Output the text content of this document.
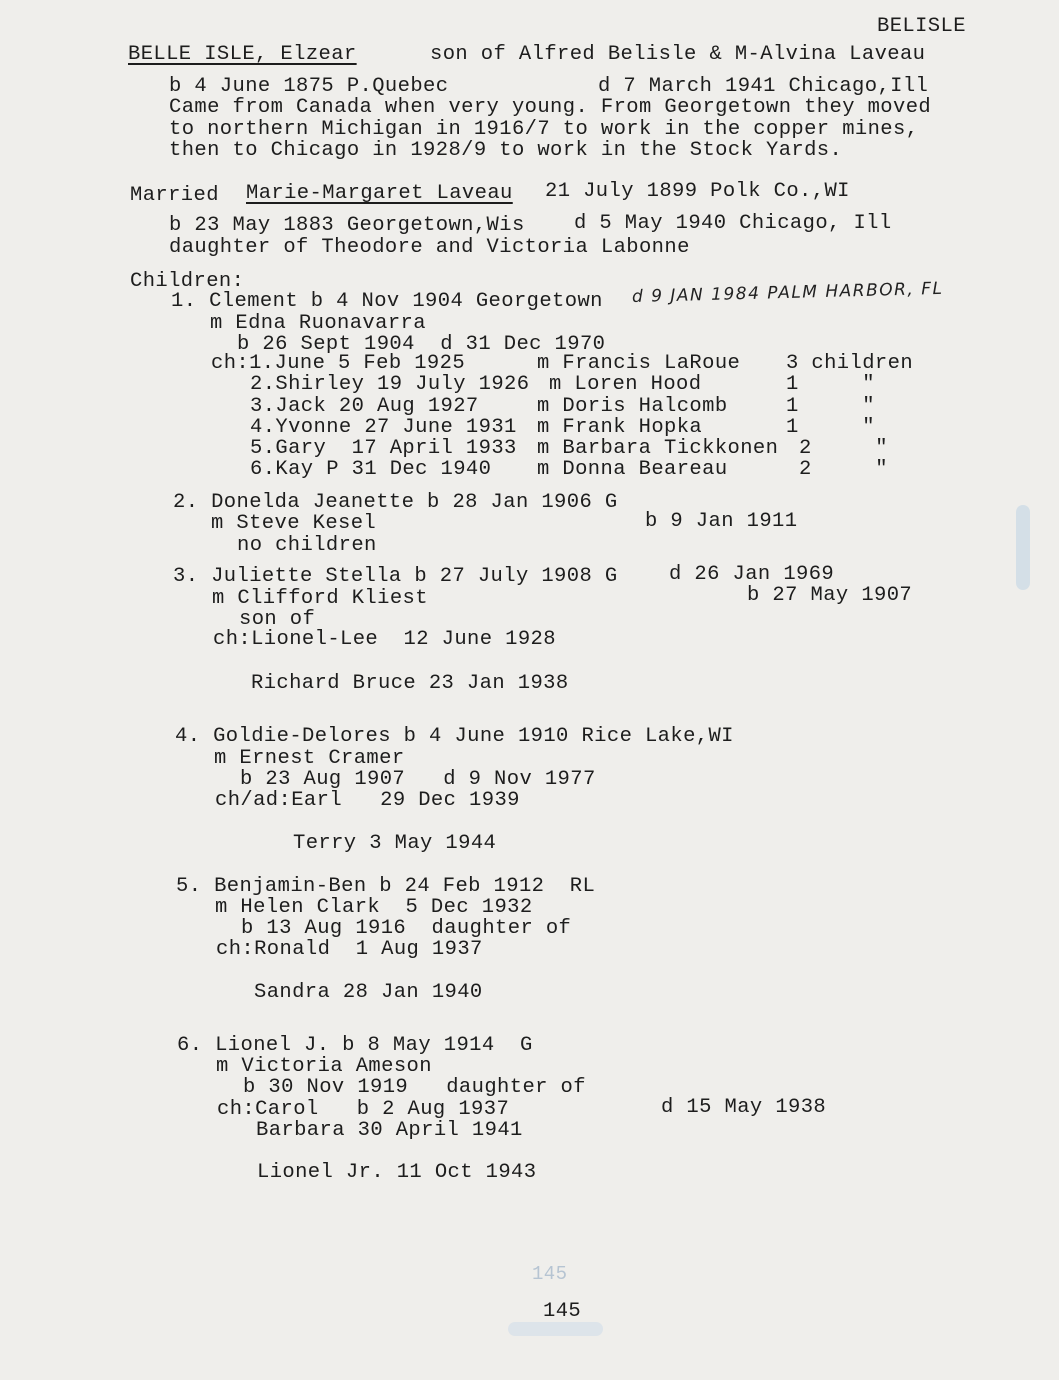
BELISLE
BELLE ISLE, Elzear	son of Alfred Belisle & M-Alvina Laveau
b 4 June 1875 P.Quebec	d 7 March 1941 Chicago,Ill
Came from Canada when very young. From Georgetown they moved
to northern Michigan in 1916/7 to work in the copper mines,
then to Chicago in 1928/9 to work in the Stock Yards.
Married Marie-Margaret Laveau 21 July 1899 Polk Co.,WI
b 23 May 1883 Georgetown,Wis d 5 May 1940 Chicago, Ill
daughter of Theodore and Victoria Labonne
Children:
1. Clement b 4 Nov 1904 Georgetown d 9 JAN 1984 PALM HARBOR, FL
m Edna Ruonavarra
b 26 Sept 1904  d 31 Dec 1970
ch:1.June 5 Feb 1925	m Francis LaRoue 3 children
2.Shirley 19 July 1926 m Loren Hood	1     "
3.Jack 20 Aug 1927	m Doris Halcomb	1     "
4.Yvonne 27 June 1931 m Frank Hopka	1     "
5.Gary  17 April 1933 m Barbara Tickkonen 2     "
6.Kay P 31 Dec 1940 m Donna Beareau	2     "
2. Donelda Jeanette b 28 Jan 1906 G
m Steve Kesel	b 9 Jan 1911
no children
3. Juliette Stella b 27 July 1908 G	d 26 Jan 1969
m Clifford Kliest	b 27 May 1907
son of
ch:Lionel-Lee  12 June 1928
Richard Bruce 23 Jan 1938
4. Goldie-Delores b 4 June 1910 Rice Lake,WI
m Ernest Cramer
b 23 Aug 1907   d 9 Nov 1977
ch/ad:Earl   29 Dec 1939
Terry 3 May 1944
5. Benjamin-Ben b 24 Feb 1912  RL
m Helen Clark  5 Dec 1932
b 13 Aug 1916  daughter of
ch:Ronald  1 Aug 1937
Sandra 28 Jan 1940
6. Lionel J. b 8 May 1914  G
m Victoria Ameson
b 30 Nov 1919   daughter of
ch:Carol   b 2 Aug 1937	d 15 May 1938
Barbara 30 April 1941
Lionel Jr. 11 Oct 1943
145
145
